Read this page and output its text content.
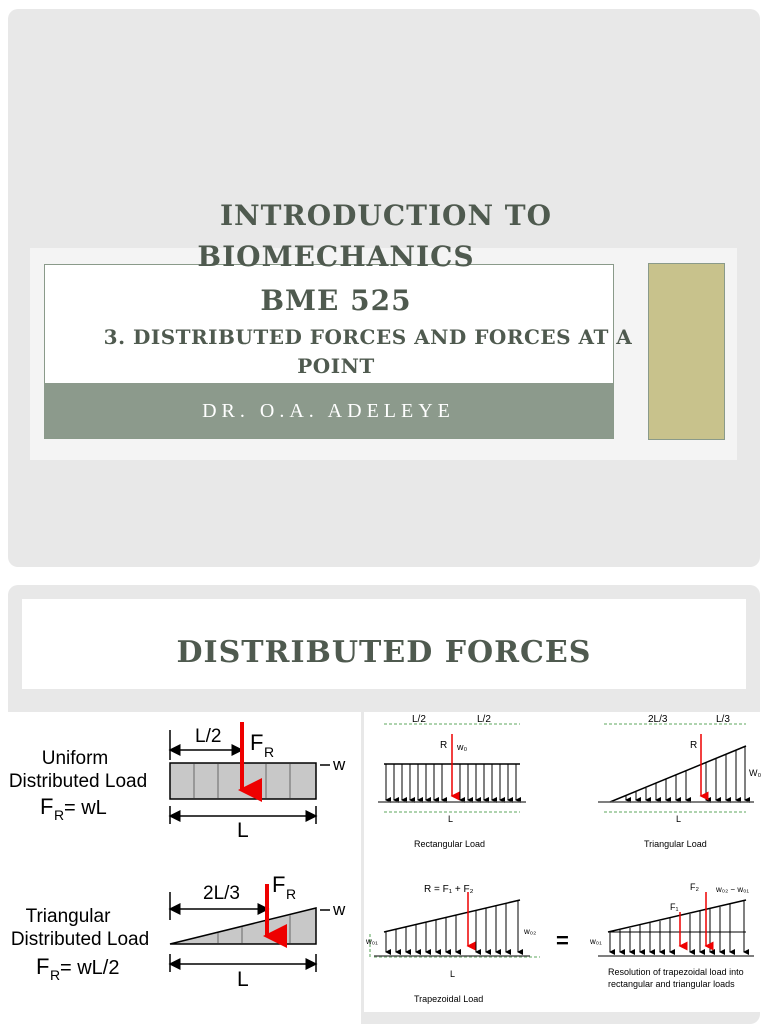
INTRODUCTION TO
BIOMECHANICS
BME 525
3. DISTRIBUTED FORCES AND FORCES AT A
POINT
DR. O.A. ADELEYE
DISTRIBUTED FORCES
Uniform
Distributed Load
F R = wL
L/2 F R
w
L
Triangular
Distributed Load
F R = wL/2
2L/3 F R
w
L
L/2	L/2
R w₀
L
Rectangular Load
2L/3	L/3
R
W₀
L
Triangular Load
R = F₁ + F₂
w₀₁
w₀₂
L
Trapezoidal Load
=
F₂
F₁
w₀₂ − w₀₁
w₀₁
Resolution of trapezoidal load into
rectangular and triangular loads
